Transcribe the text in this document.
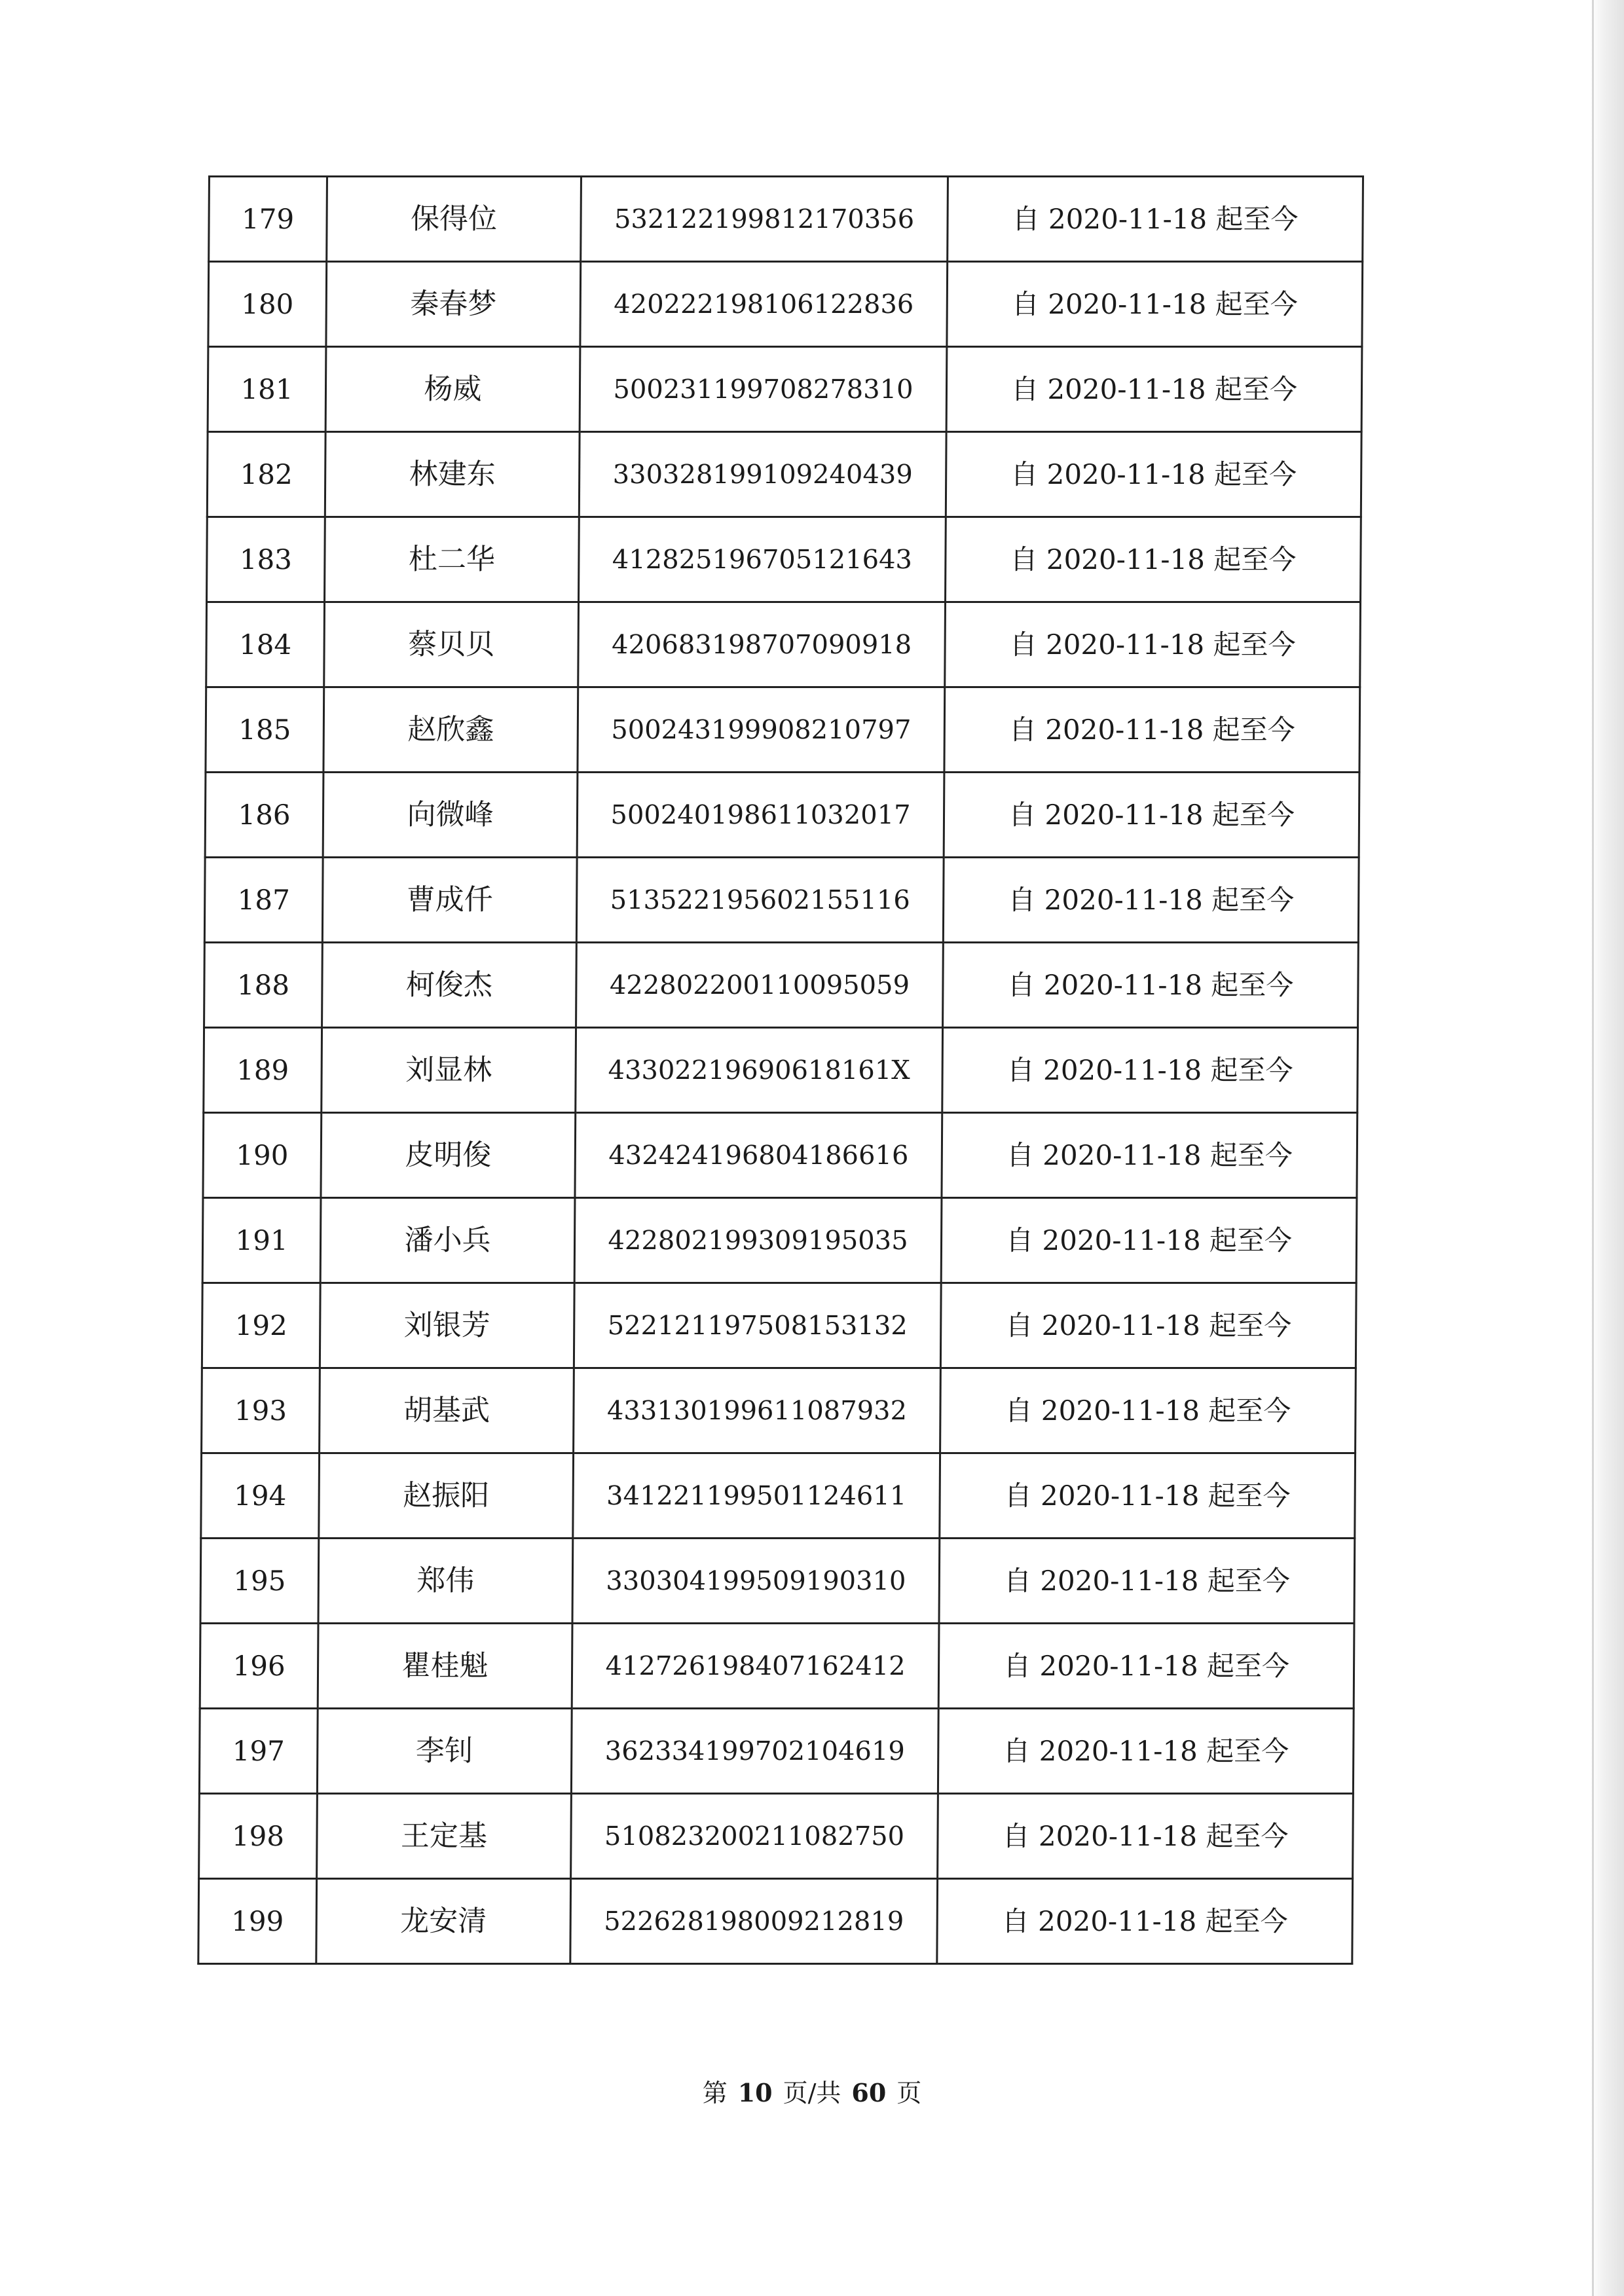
179	保得位	532122199812170356	自 2020-11-18 起至今
180	秦春梦	420222198106122836	自 2020-11-18 起至今
181	杨威	500231199708278310	自 2020-11-18 起至今
182	林建东	330328199109240439	自 2020-11-18 起至今
183	杜二华	412825196705121643	自 2020-11-18 起至今
184	蔡贝贝	420683198707090918	自 2020-11-18 起至今
185	赵欣鑫	500243199908210797	自 2020-11-18 起至今
186	向微峰	500240198611032017	自 2020-11-18 起至今
187	曹成仟	513522195602155116	自 2020-11-18 起至今
188	柯俊杰	422802200110095059	自 2020-11-18 起至今
189	刘显林	43302219690618161X	自 2020-11-18 起至今
190	皮明俊	432424196804186616	自 2020-11-18 起至今
191	潘小兵	422802199309195035	自 2020-11-18 起至今
192	刘银芳	522121197508153132	自 2020-11-18 起至今
193	胡基武	433130199611087932	自 2020-11-18 起至今
194	赵振阳	341221199501124611	自 2020-11-18 起至今
195	郑伟	330304199509190310	自 2020-11-18 起至今
196	瞿桂魁	412726198407162412	自 2020-11-18 起至今
197	李钊	362334199702104619	自 2020-11-18 起至今
198	王定基	510823200211082750	自 2020-11-18 起至今
199	龙安清	522628198009212819	自 2020-11-18 起至今
第 10 页/共 60 页
